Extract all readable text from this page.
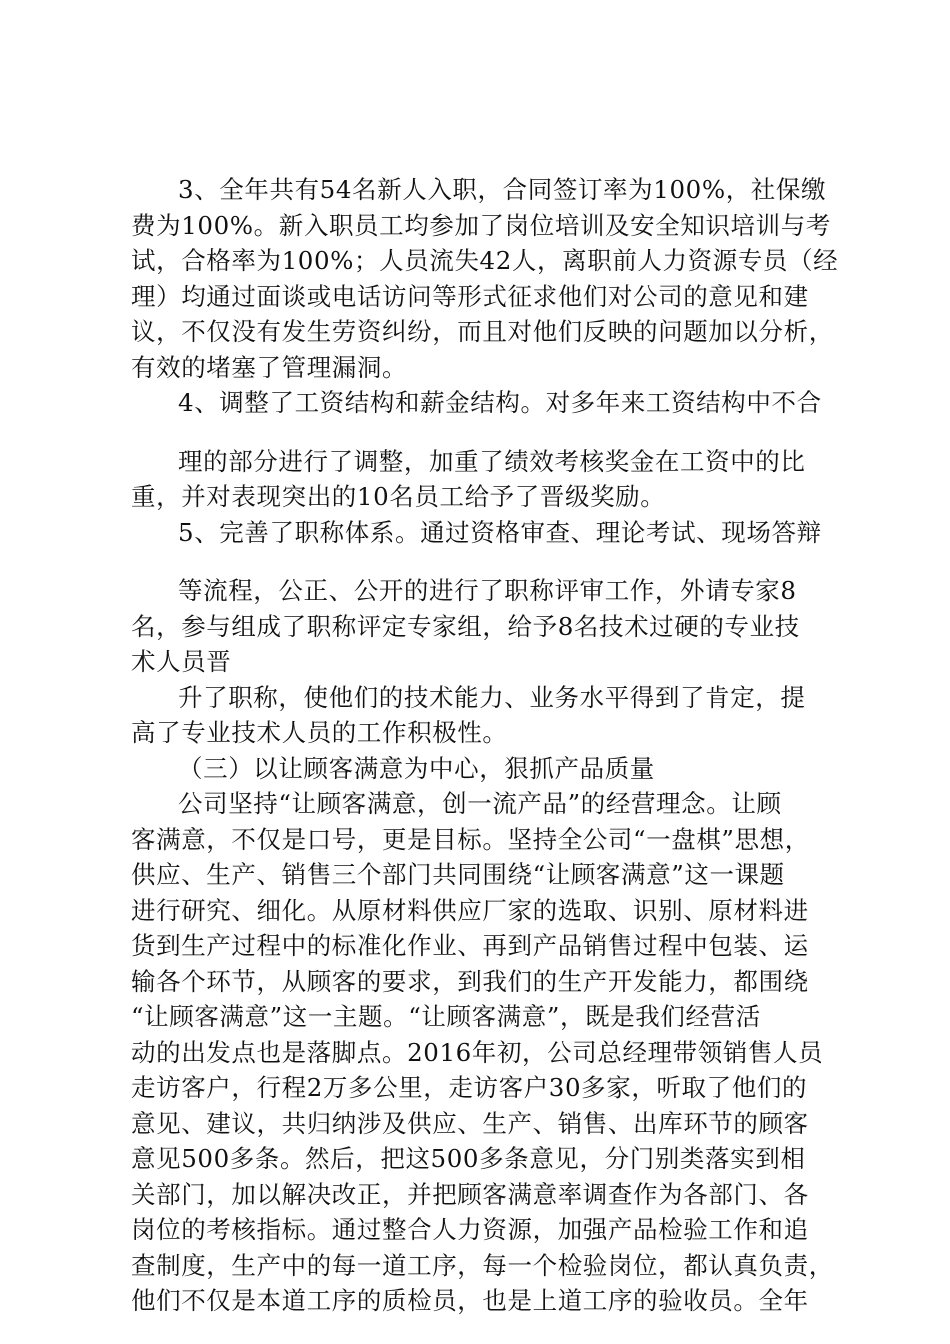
3、全年共有54名新人入职，合同签订率为100%，社保缴
费为100%。新入职员工均参加了岗位培训及安全知识培训与考
试，合格率为100%；人员流失42人，离职前人力资源专员（经
理）均通过面谈或电话访问等形式征求他们对公司的意见和建
议，不仅没有发生劳资纠纷，而且对他们反映的问题加以分析，
有效的堵塞了管理漏洞。
4、调整了工资结构和薪金结构。对多年来工资结构中不合
理的部分进行了调整，加重了绩效考核奖金在工资中的比
重，并对表现突出的10名员工给予了晋级奖励。
5、完善了职称体系。通过资格审查、理论考试、现场答辩
等流程，公正、公开的进行了职称评审工作，外请专家8
名，参与组成了职称评定专家组，给予8名技术过硬的专业技
术人员晋
升了职称，使他们的技术能力、业务水平得到了肯定，提
高了专业技术人员的工作积极性。
（三）以让顾客满意为中心，狠抓产品质量
公司坚持“让顾客满意，创一流产品”的经营理念。让顾
客满意，不仅是口号，更是目标。坚持全公司“一盘棋”思想，
供应、生产、销售三个部门共同围绕“让顾客满意”这一课题
进行研究、细化。从原材料供应厂家的选取、识别、原材料进
货到生产过程中的标准化作业、再到产品销售过程中包装、运
输各个环节，从顾客的要求，到我们的生产开发能力，都围绕
“让顾客满意”这一主题。“让顾客满意”，既是我们经营活
动的出发点也是落脚点。2016年初，公司总经理带领销售人员
走访客户，行程2万多公里，走访客户30多家，听取了他们的
意见、建议，共归纳涉及供应、生产、销售、出库环节的顾客
意见500多条。然后，把这500多条意见，分门别类落实到相
关部门，加以解决改正，并把顾客满意率调查作为各部门、各
岗位的考核指标。通过整合人力资源，加强产品检验工作和追
查制度，生产中的每一道工序，每一个检验岗位，都认真负责，
他们不仅是本道工序的质检员，也是上道工序的验收员。全年
